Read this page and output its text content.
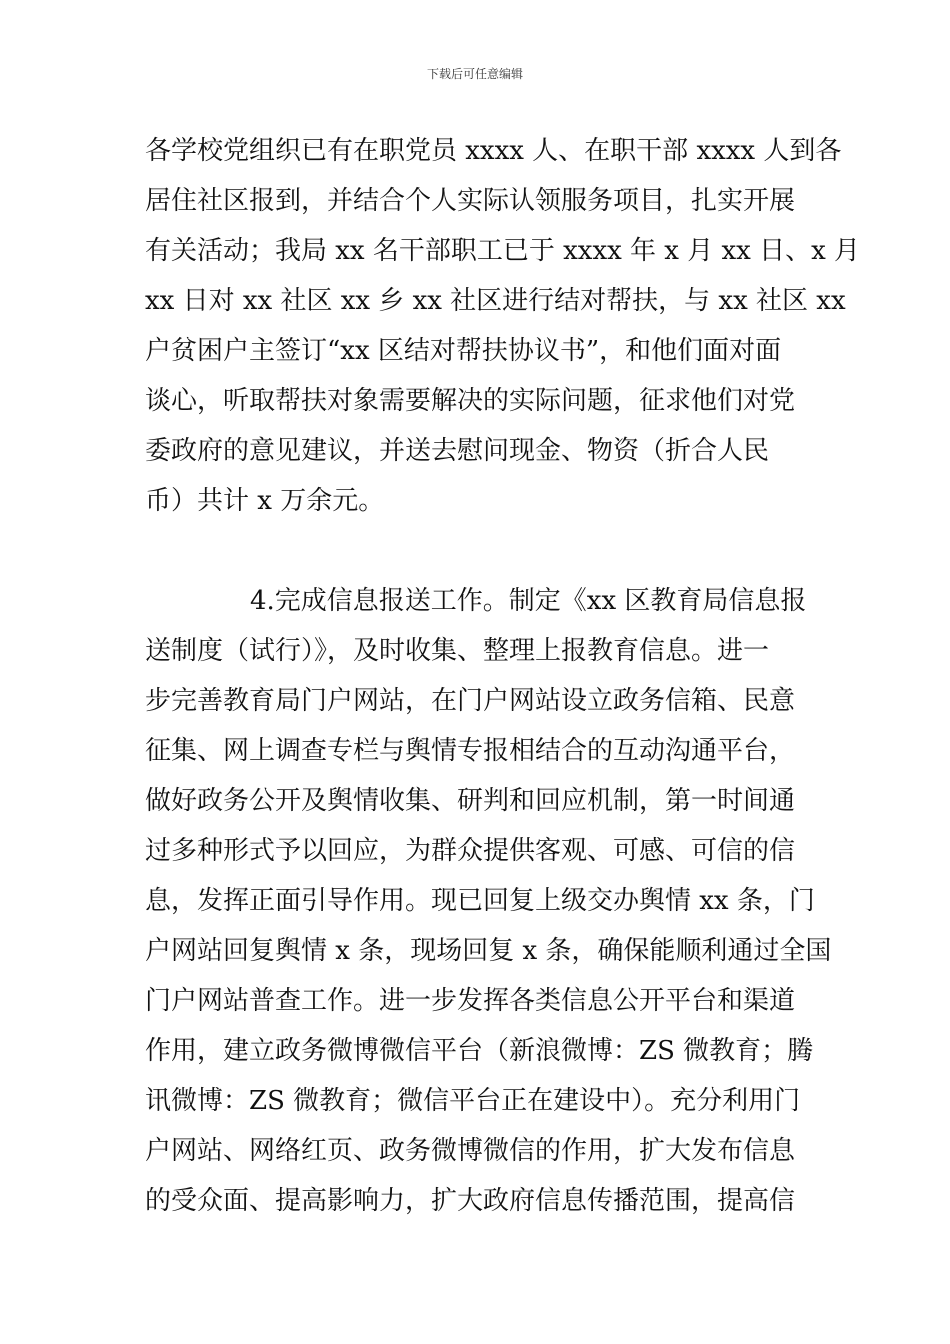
下载后可任意编辑
各学校党组织已有在职党员 xxxx 人、在职干部 xxxx 人到各
居住社区报到，并结合个人实际认领服务项目，扎实开展
有关活动；我局 xx 名干部职工已于 xxxx 年 x 月 xx 日、x 月
xx 日对 xx 社区 xx 乡 xx 社区进行结对帮扶，与 xx 社区 xx
户贫困户主签订“xx 区结对帮扶协议书”，和他们面对面
谈心，听取帮扶对象需要解决的实际问题，征求他们对党
委政府的意见建议，并送去慰问现金、物资（折合人民
币）共计 x 万余元。
4.完成信息报送工作。制定《xx 区教育局信息报
送制度（试行）》，及时收集、整理上报教育信息。进一
步完善教育局门户网站，在门户网站设立政务信箱、民意
征集、网上调查专栏与舆情专报相结合的互动沟通平台，
做好政务公开及舆情收集、研判和回应机制，第一时间通
过多种形式予以回应，为群众提供客观、可感、可信的信
息，发挥正面引导作用。现已回复上级交办舆情 xx 条，门
户网站回复舆情 x 条，现场回复 x 条，确保能顺利通过全国
门户网站普查工作。进一步发挥各类信息公开平台和渠道
作用，建立政务微博微信平台（新浪微博：ZS 微教育；腾
讯微博：ZS 微教育；微信平台正在建设中）。充分利用门
户网站、网络红页、政务微博微信的作用，扩大发布信息
的受众面、提高影响力，扩大政府信息传播范围，提高信
